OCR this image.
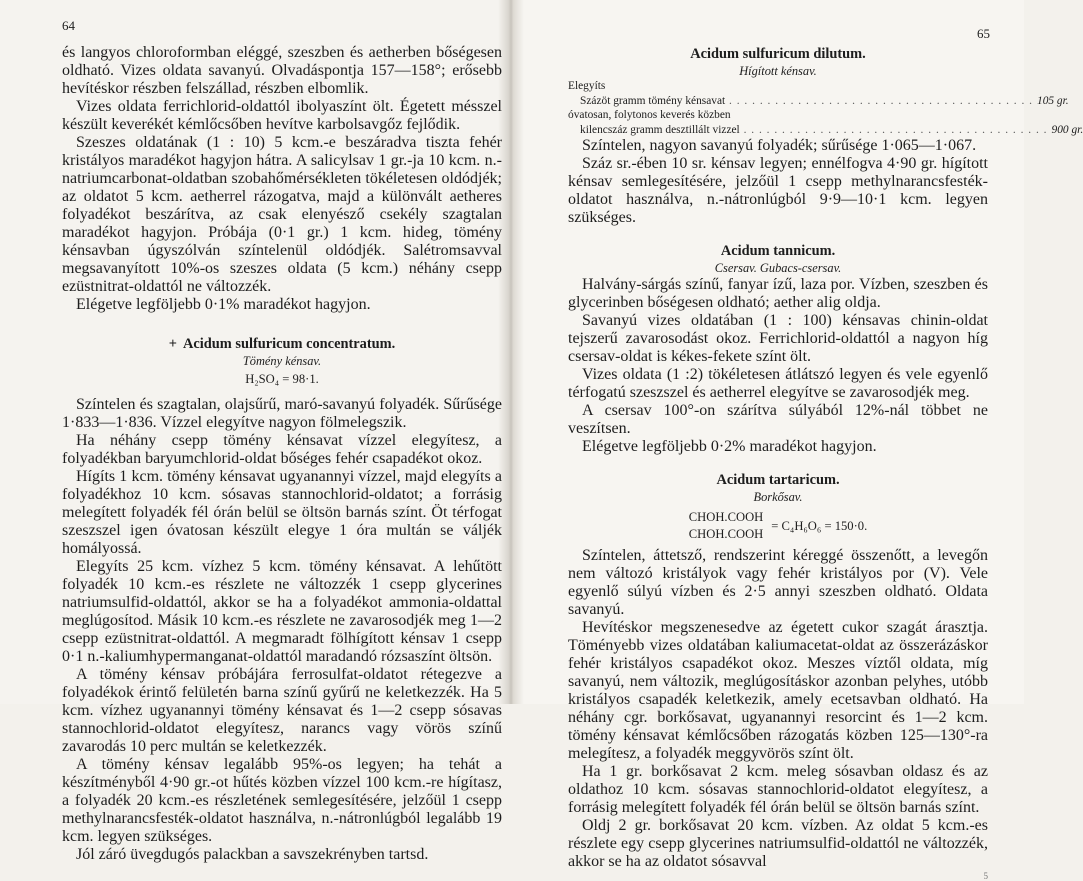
64
65

és langyos chloroformban eléggé, szeszben és aetherben bőségesen oldható. Vizes oldata savanyú. Olvadáspontja 157—158°; erősebb hevítéskor részben felszállad, részben elbomlik.

Vizes oldata ferrichlorid-oldattól ibolyaszínt ölt. Égetett mésszel készült keverékét kémlőcsőben hevítve karbolsavgőz fejlődik.

Szeszes oldatának (1 : 10) 5 kcm.-e beszáradva tiszta fehér kristályos maradékot hagyjon hátra. A salicylsav 1 gr.-ja 10 kcm. n.-natriumcarbonat-oldatban szobahőmérsékleten tökéletesen oldódjék; az oldatot 5 kcm. aetherrel rázogatva, majd a különvált aetheres folyadékot beszárítva, az csak elenyésző csekély szagtalan maradékot hagyjon. Próbája (0·1 gr.) 1 kcm. hideg, tömény kénsavban úgyszólván színtelenül oldódjék. Salétromsavval megsavanyított 10%-os szeszes oldata (5 kcm.) néhány csepp ezüstnitrat-oldattól ne változzék.

Elégetve legföljebb 0·1% maradékot hagyjon.

+ Acidum sulfuricum concentratum.
Tömény kénsav.
H₂SO₄ = 98·1.

Színtelen és szagtalan, olajsűrű, maró-savanyú folyadék. Sűrűsége 1·833—1·836. Vízzel elegyítve nagyon fölmelegszik.

Ha néhány csepp tömény kénsavat vízzel elegyítesz, a folyadékban baryumchlorid-oldat bőséges fehér csapadékot okoz.

Hígíts 1 kcm. tömény kénsavat ugyanannyi vízzel, majd elegyíts a folyadékhoz 10 kcm. sósavas stannochlorid-oldatot; a forrásig melegített folyadék fél órán belül se öltsön barnás színt. Öt térfogat szeszszel igen óvatosan készült elegye 1 óra multán se váljék homályossá.

Elegyíts 25 kcm. vízhez 5 kcm. tömény kénsavat. A lehűtött folyadék 10 kcm.-es részlete ne változzék 1 csepp glycerines natriumsulfid-oldattól, akkor se ha a folyadékot ammonia-oldattal meglúgosítod. Másik 10 kcm.-es részlete ne zavarosodjék meg 1—2 csepp ezüstnitrat-oldattól. A megmaradt fölhígított kénsav 1 csepp 0·1 n.-kaliumhypermanganat-oldattól maradandó rózsaszínt öltsön.

A tömény kénsav próbájára ferrosulfat-oldatot rétegezve a folyadékok érintő felületén barna színű gyűrű ne keletkezzék. Ha 5 kcm. vízhez ugyanannyi tömény kénsavat és 1—2 csepp sósavas stannochlorid-oldatot elegyítesz, narancs vagy vörös színű zavarodás 10 perc multán se keletkezzék.

A tömény kénsav legalább 95%-os legyen; ha tehát a készítményből 4·90 gr.-ot hűtés közben vízzel 100 kcm.-re hígítasz, a folyadék 20 kcm.-es részletének semlegesítésére, jelzőül 1 csepp methylnarancsfesték-oldatot használva, n.-nátronlúgból legalább 19 kcm. legyen szükséges.

Jól záró üvegdugós palackban a savszekrényben tartsd.

Acidum sulfuricum dilutum.
Hígított kénsav.
Elegyíts
Százöt gramm tömény kénsavat . . . . . . . . . . . . . . . . . . . . . . . . . . . . . . . . . . . . . . . . 105 gr.
óvatosan, folytonos keverés közben
kilencszáz gramm desztillált vizzel . . . . . . . . . . . . . . . . . . . . . . . . . . . . . . . . . . . . . . . . 900 gr.

Színtelen, nagyon savanyú folyadék; sűrűsége 1·065—1·067.

Száz sr.-ében 10 sr. kénsav legyen; ennélfogva 4·90 gr. hígított kénsav semlegesítésére, jelzőül 1 csepp methylnarancsfesték-oldatot használva, n.-nátronlúgból 9·9—10·1 kcm. legyen szükséges.

Acidum tannicum.
Csersav. Gubacs-csersav.

Halvány-sárgás színű, fanyar ízű, laza por. Vízben, szeszben és glycerinben bőségesen oldható; aether alig oldja.

Savanyú vizes oldatában (1 : 100) kénsavas chinin-oldat tejszerű zavarosodást okoz. Ferrichlorid-oldattól a nagyon híg csersav-oldat is kékes-fekete színt ölt.

Vizes oldata (1 :2) tökéletesen átlátszó legyen és vele egyenlő térfogatú szeszszel és aetherrel elegyítve se zavarosodjék meg.

A csersav 100°-on szárítva súlyából 12%-nál többet ne veszítsen.

Elégetve legföljebb 0·2% maradékot hagyjon.

Acidum tartaricum.
Borkősav.
CHOH.COOH
CHOH.COOH
= C₄H₆O₆ = 150·0.

Színtelen, áttetsző, rendszerint kéreggé összenőtt, a levegőn nem változó kristályok vagy fehér kristályos por (V). Vele egyenlő súlyú vízben és 2·5 annyi szeszben oldható. Oldata savanyú.

Hevítéskor megszenesedve az égetett cukor szagát árasztja. Töményebb vizes oldatában kaliumacetat-oldat az összerázáskor fehér kristályos csapadékot okoz. Meszes víztől oldata, míg savanyú, nem változik, meglúgosításkor azonban pelyhes, utóbb kristályos csapadék keletkezik, amely ecetsavban oldható. Ha néhány cgr. borkősavat, ugyanannyi resorcint és 1—2 kcm. tömény kénsavat kémlőcsőben rázogatás közben 125—130°-ra melegítesz, a folyadék meggyvörös színt ölt.

Ha 1 gr. borkősavat 2 kcm. meleg sósavban oldasz és az oldathoz 10 kcm. sósavas stannochlorid-oldatot elegyítesz, a forrásig melegített folyadék fél órán belül se öltsön barnás színt.

Oldj 2 gr. borkősavat 20 kcm. vízben. Az oldat 5 kcm.-es részlete egy csepp glycerines natriumsulfid-oldattól ne változzék, akkor se ha az oldatot sósavval

5
